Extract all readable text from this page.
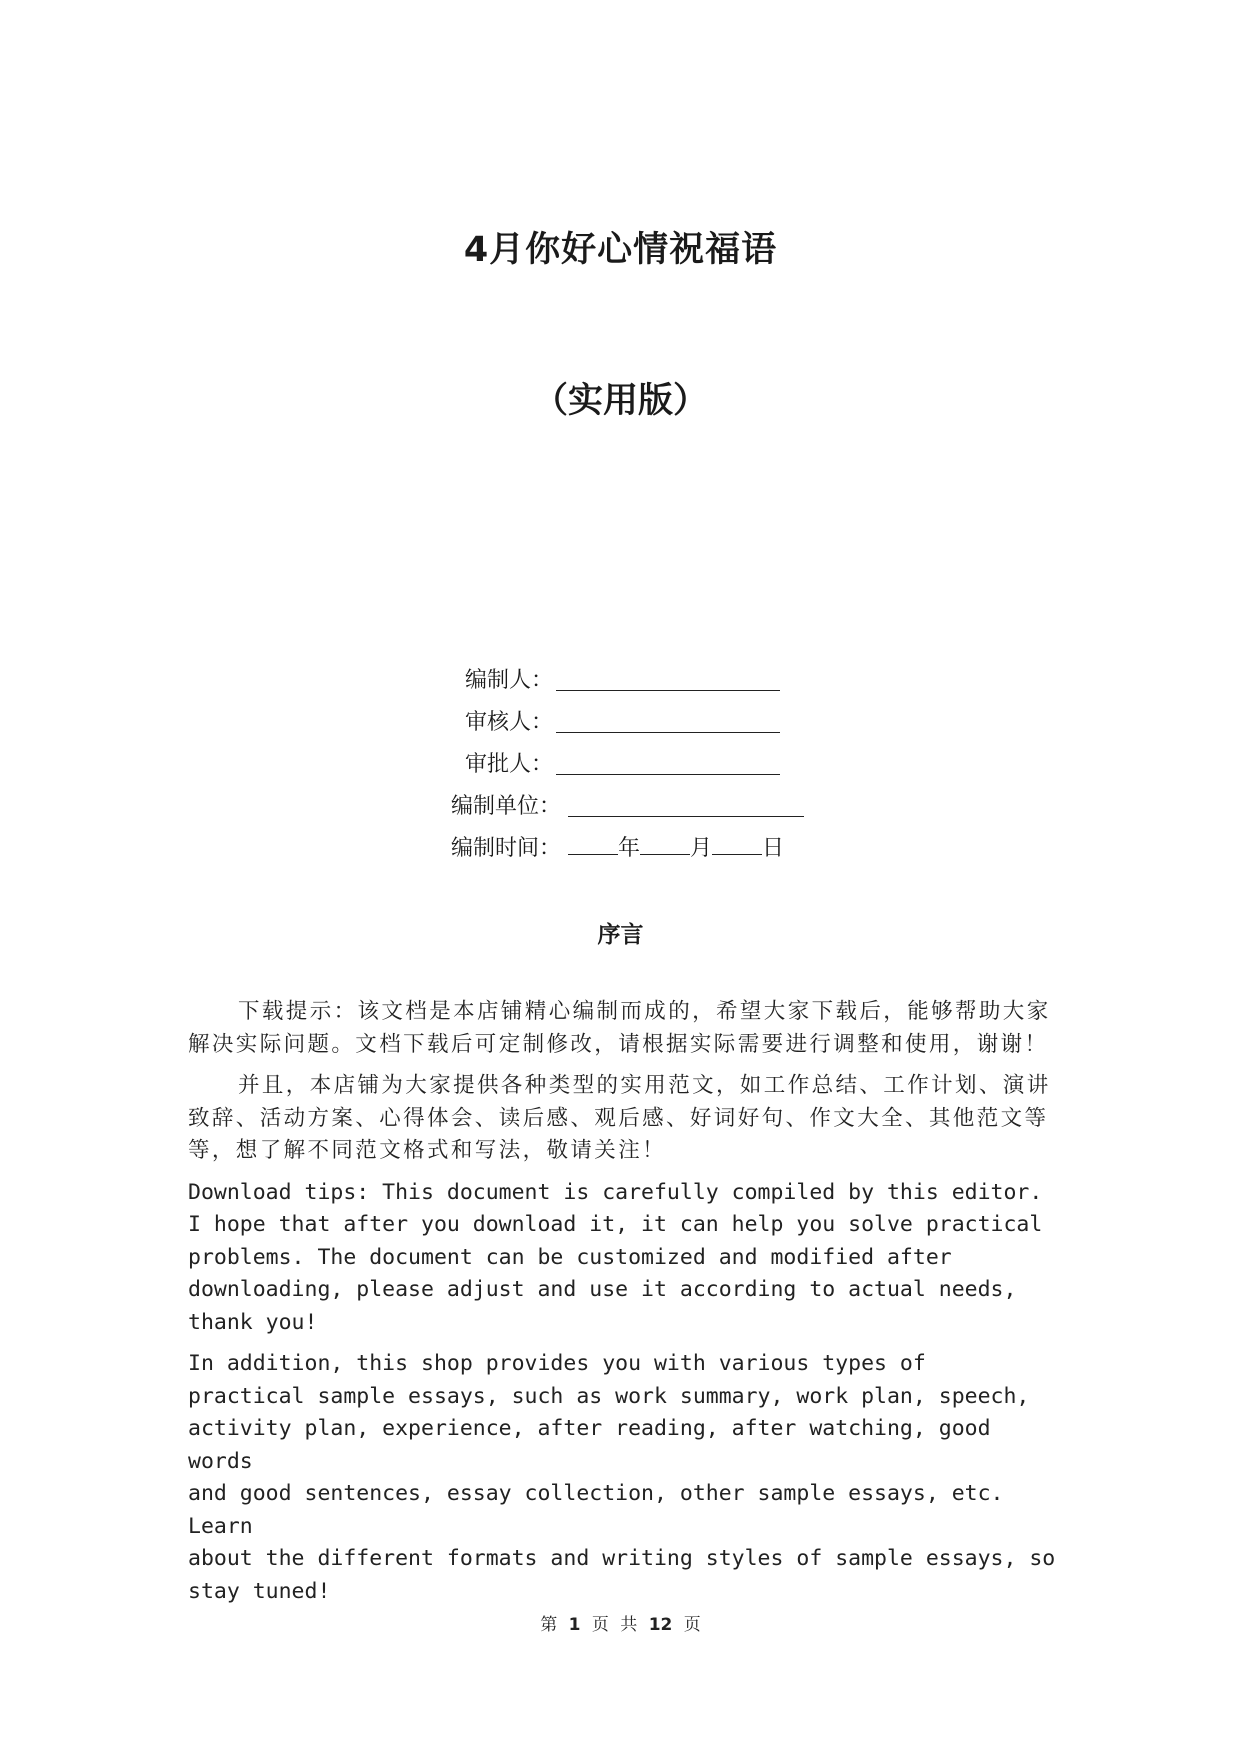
4月你好心情祝福语
（实用版）
编制人：
审核人：
审批人：
编制单位：
编制时间：	年 月 日
序言

下载提示：该文档是本店铺精心编制而成的，希望大家下载后，能够帮助大家解决实际问题。文档下载后可定制修改，请根据实际需要进行调整和使用，谢谢！

并且，本店铺为大家提供各种类型的实用范文，如工作总结、工作计划、演讲致辞、活动方案、心得体会、读后感、观后感、好词好句、作文大全、其他范文等等，想了解不同范文格式和写法，敬请关注！

Download tips: This document is carefully compiled by this editor.
I hope that after you download it, it can help you solve practical
problems. The document can be customized and modified after
downloading, please adjust and use it according to actual needs,
thank you!

In addition, this shop provides you with various types of
practical sample essays, such as work summary, work plan, speech,
activity plan, experience, after reading, after watching, good words
and good sentences, essay collection, other sample essays, etc. Learn
about the different formats and writing styles of sample essays, so
stay tuned!

第 1 页 共 12 页
